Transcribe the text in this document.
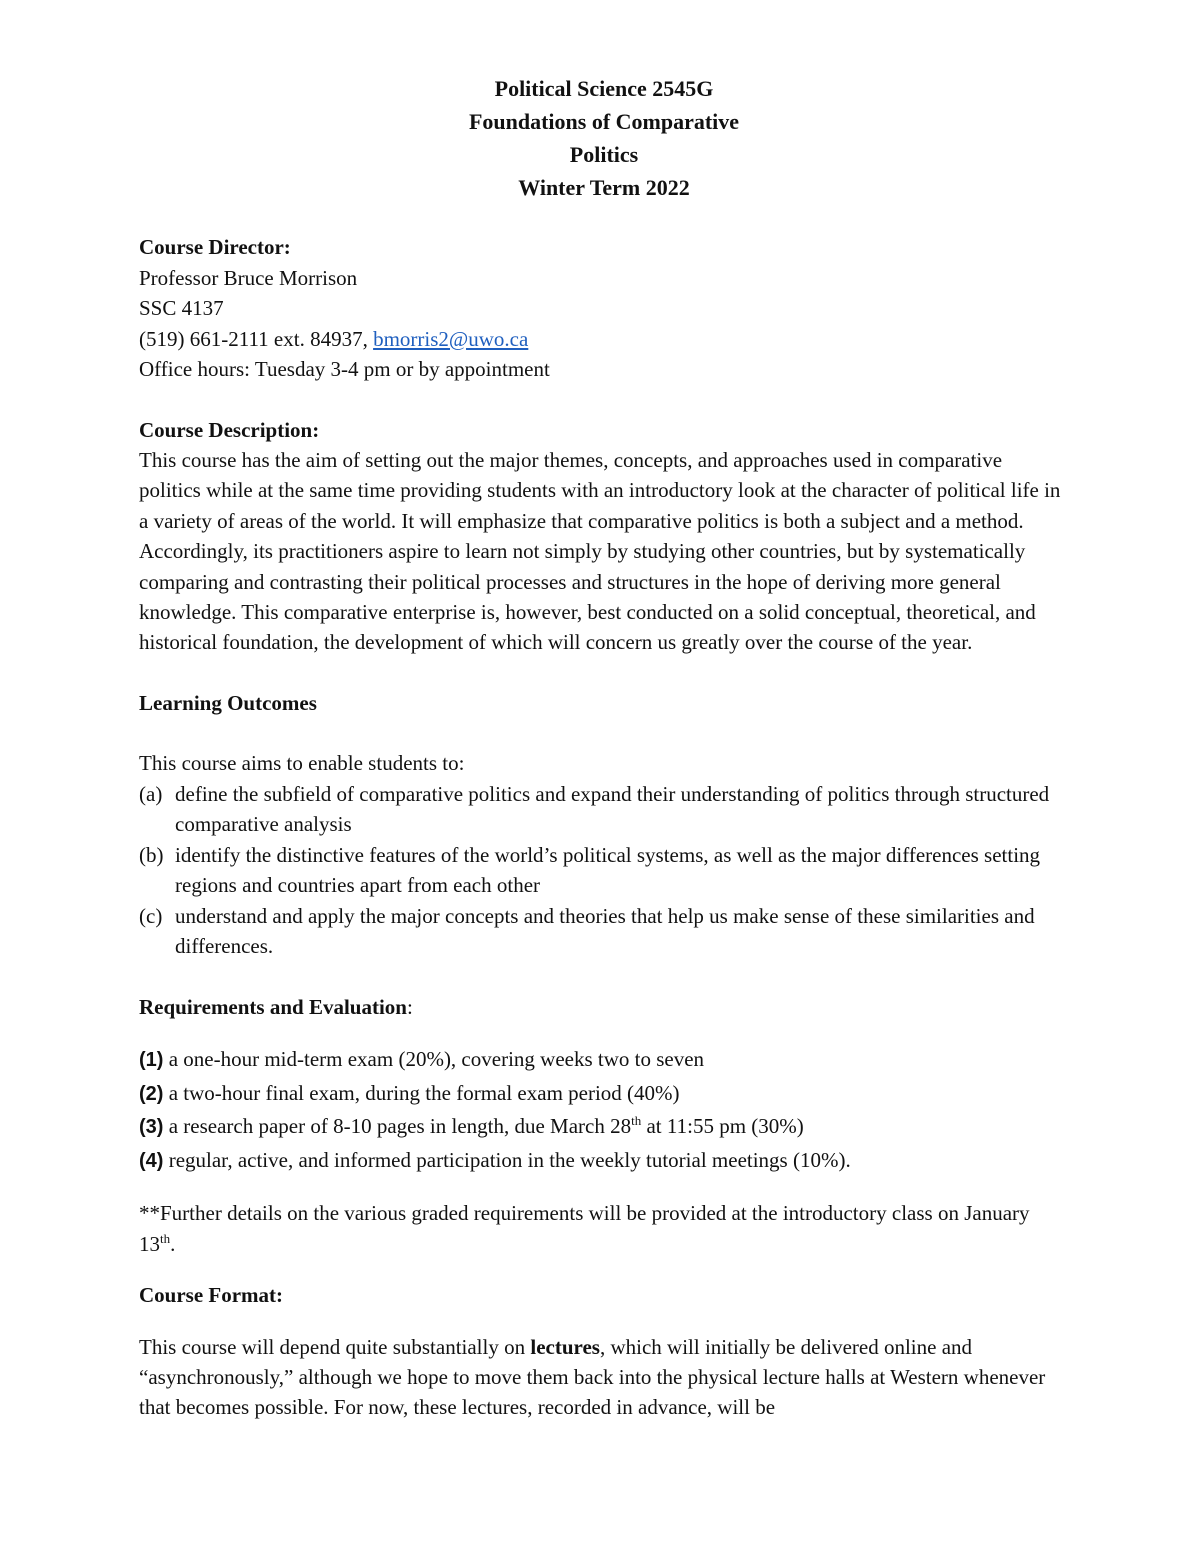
Political Science 2545G
Foundations of Comparative
Politics
Winter Term 2022
Course Director:
Professor Bruce Morrison
SSC 4137
(519) 661-2111 ext. 84937, bmorris2@uwo.ca
Office hours: Tuesday 3-4 pm or by appointment
Course Description:
This course has the aim of setting out the major themes, concepts, and approaches used in comparative politics while at the same time providing students with an introductory look at the character of political life in a variety of areas of the world. It will emphasize that comparative politics is both a subject and a method. Accordingly, its practitioners aspire to learn not simply by studying other countries, but by systematically comparing and contrasting their political processes and structures in the hope of deriving more general knowledge. This comparative enterprise is, however, best conducted on a solid conceptual, theoretical, and historical foundation, the development of which will concern us greatly over the course of the year.
Learning Outcomes
This course aims to enable students to:
(a) define the subfield of comparative politics and expand their understanding of politics through structured comparative analysis
(b) identify the distinctive features of the world’s political systems, as well as the major differences setting regions and countries apart from each other
(c) understand and apply the major concepts and theories that help us make sense of these similarities and differences.
Requirements and Evaluation:
(1) a one-hour mid-term exam (20%), covering weeks two to seven
(2) a two-hour final exam, during the formal exam period (40%)
(3) a research paper of 8-10 pages in length, due March 28th at 11:55 pm (30%)
(4) regular, active, and informed participation in the weekly tutorial meetings (10%).
**Further details on the various graded requirements will be provided at the introductory class on January 13th.
Course Format:
This course will depend quite substantially on lectures, which will initially be delivered online and “asynchronously,” although we hope to move them back into the physical lecture halls at Western whenever that becomes possible. For now, these lectures, recorded in advance, will be
